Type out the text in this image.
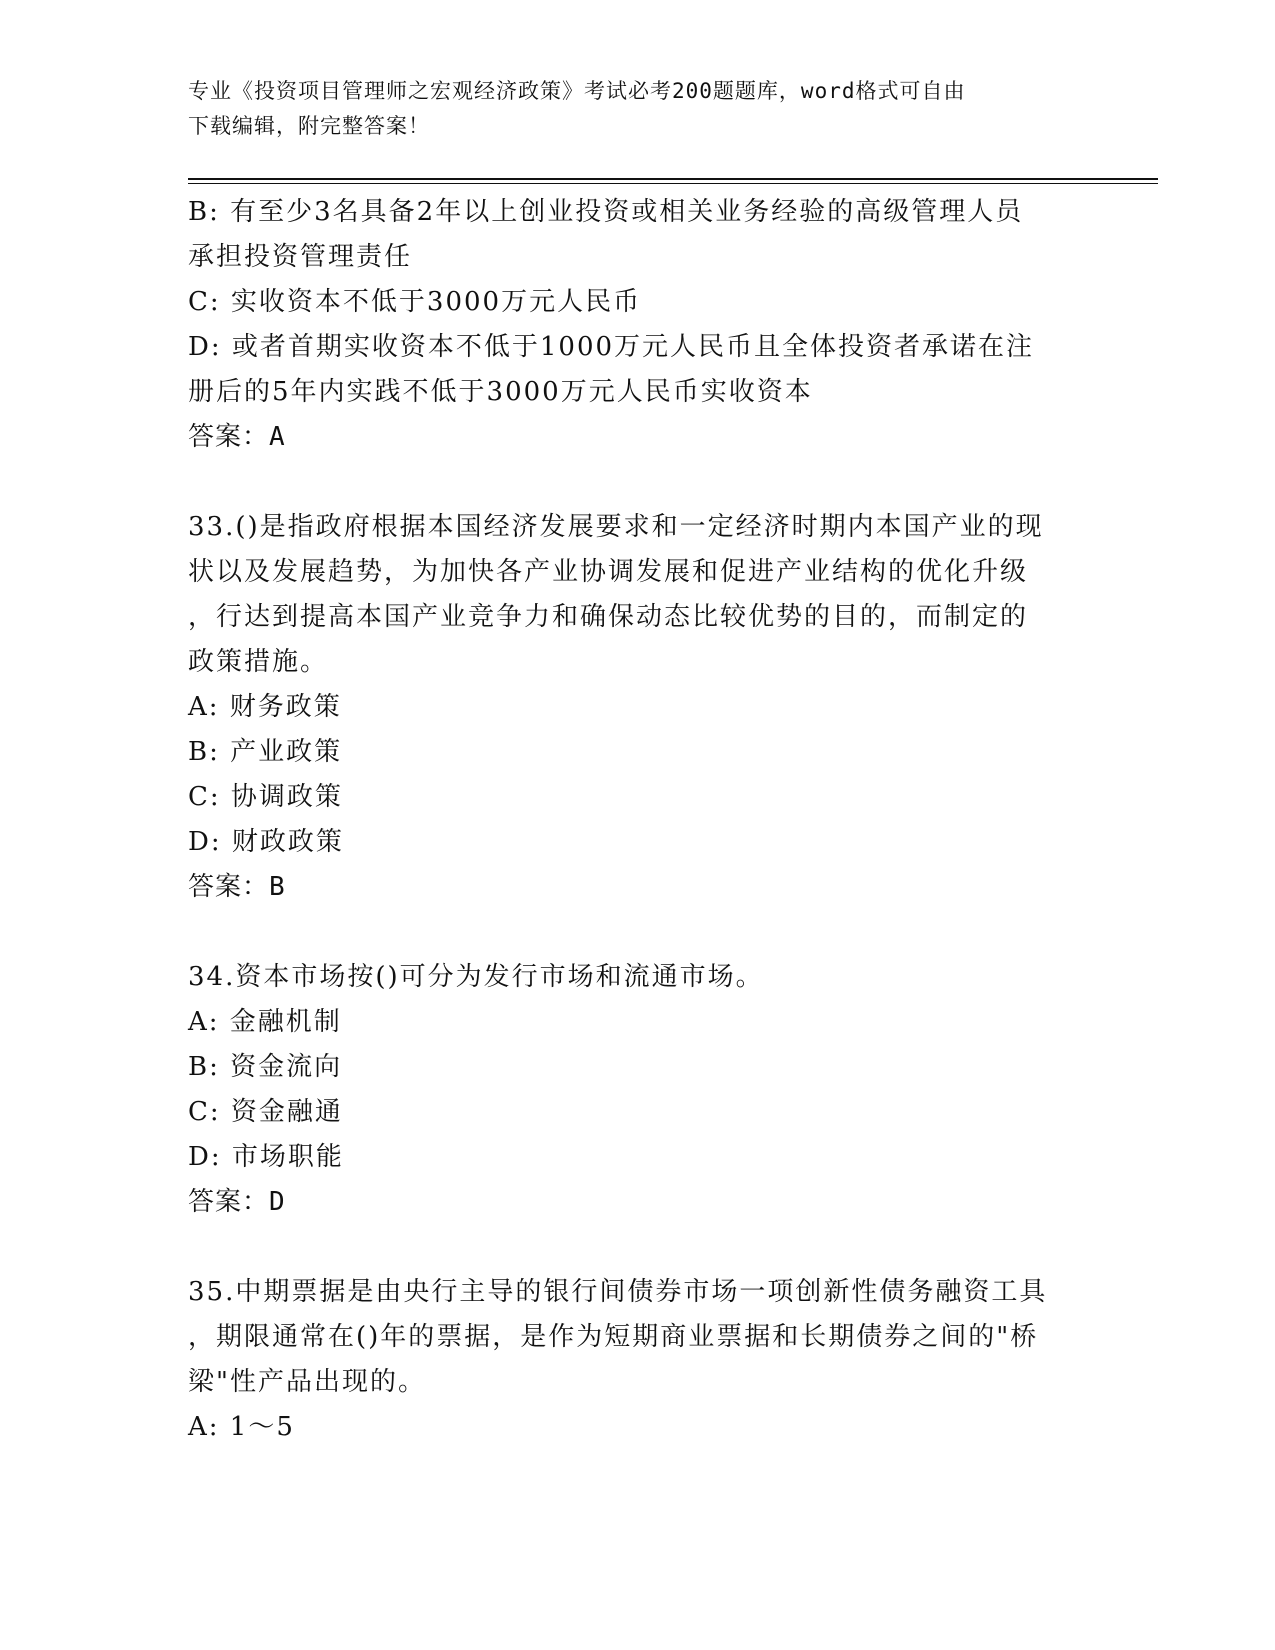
专业《投资项目管理师之宏观经济政策》考试必考200题题库，word格式可自由
下载编辑，附完整答案！
B: 有至少3名具备2年以上创业投资或相关业务经验的高级管理人员
承担投资管理责任
C: 实收资本不低于3000万元人民币
D: 或者首期实收资本不低于1000万元人民币且全体投资者承诺在注
册后的5年内实践不低于3000万元人民币实收资本
答案：A
33.()是指政府根据本国经济发展要求和一定经济时期内本国产业的现
状以及发展趋势，为加快各产业协调发展和促进产业结构的优化升级
，行达到提高本国产业竞争力和确保动态比较优势的目的，而制定的
政策措施。
A: 财务政策
B: 产业政策
C: 协调政策
D: 财政政策
答案：B
34.资本市场按()可分为发行市场和流通市场。
A: 金融机制
B: 资金流向
C: 资金融通
D: 市场职能
答案：D
35.中期票据是由央行主导的银行间债券市场一项创新性债务融资工具
，期限通常在()年的票据，是作为短期商业票据和长期债券之间的"桥
梁"性产品出现的。
A: 1～5
